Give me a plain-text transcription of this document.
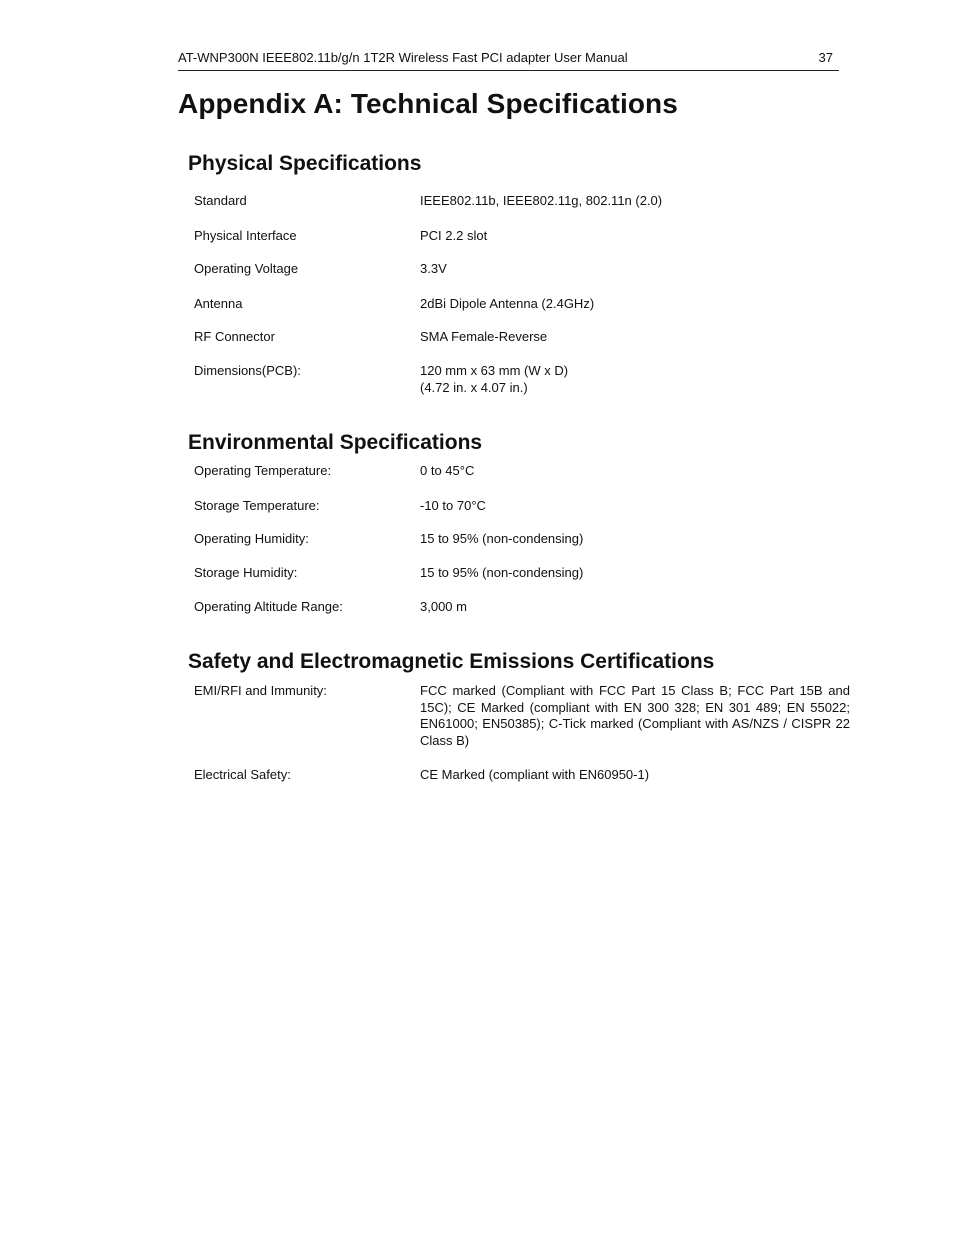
AT-WNP300N IEEE802.11b/g/n 1T2R Wireless Fast PCI adapter User Manual	37
Appendix A: Technical Specifications
Physical Specifications
Standard	IEEE802.11b, IEEE802.11g, 802.11n (2.0)
Physical Interface	PCI 2.2 slot
Operating Voltage	3.3V
Antenna	2dBi Dipole Antenna (2.4GHz)
RF Connector	SMA Female-Reverse
Dimensions(PCB):	120 mm x 63 mm (W x D)
(4.72 in. x 4.07 in.)
Environmental Specifications
Operating Temperature:	0 to 45°C
Storage Temperature:	-10 to 70°C
Operating Humidity:	15 to 95% (non-condensing)
Storage Humidity:	15 to 95% (non-condensing)
Operating Altitude Range:	3,000 m
Safety and Electromagnetic Emissions Certifications
EMI/RFI and Immunity:	FCC marked (Compliant with FCC Part 15 Class B; FCC Part 15B and 15C); CE Marked (compliant with EN 300 328; EN 301 489; EN 55022; EN61000; EN50385); C-Tick marked (Compliant with AS/NZS / CISPR 22 Class B)
Electrical Safety:	CE Marked (compliant with EN60950-1)
